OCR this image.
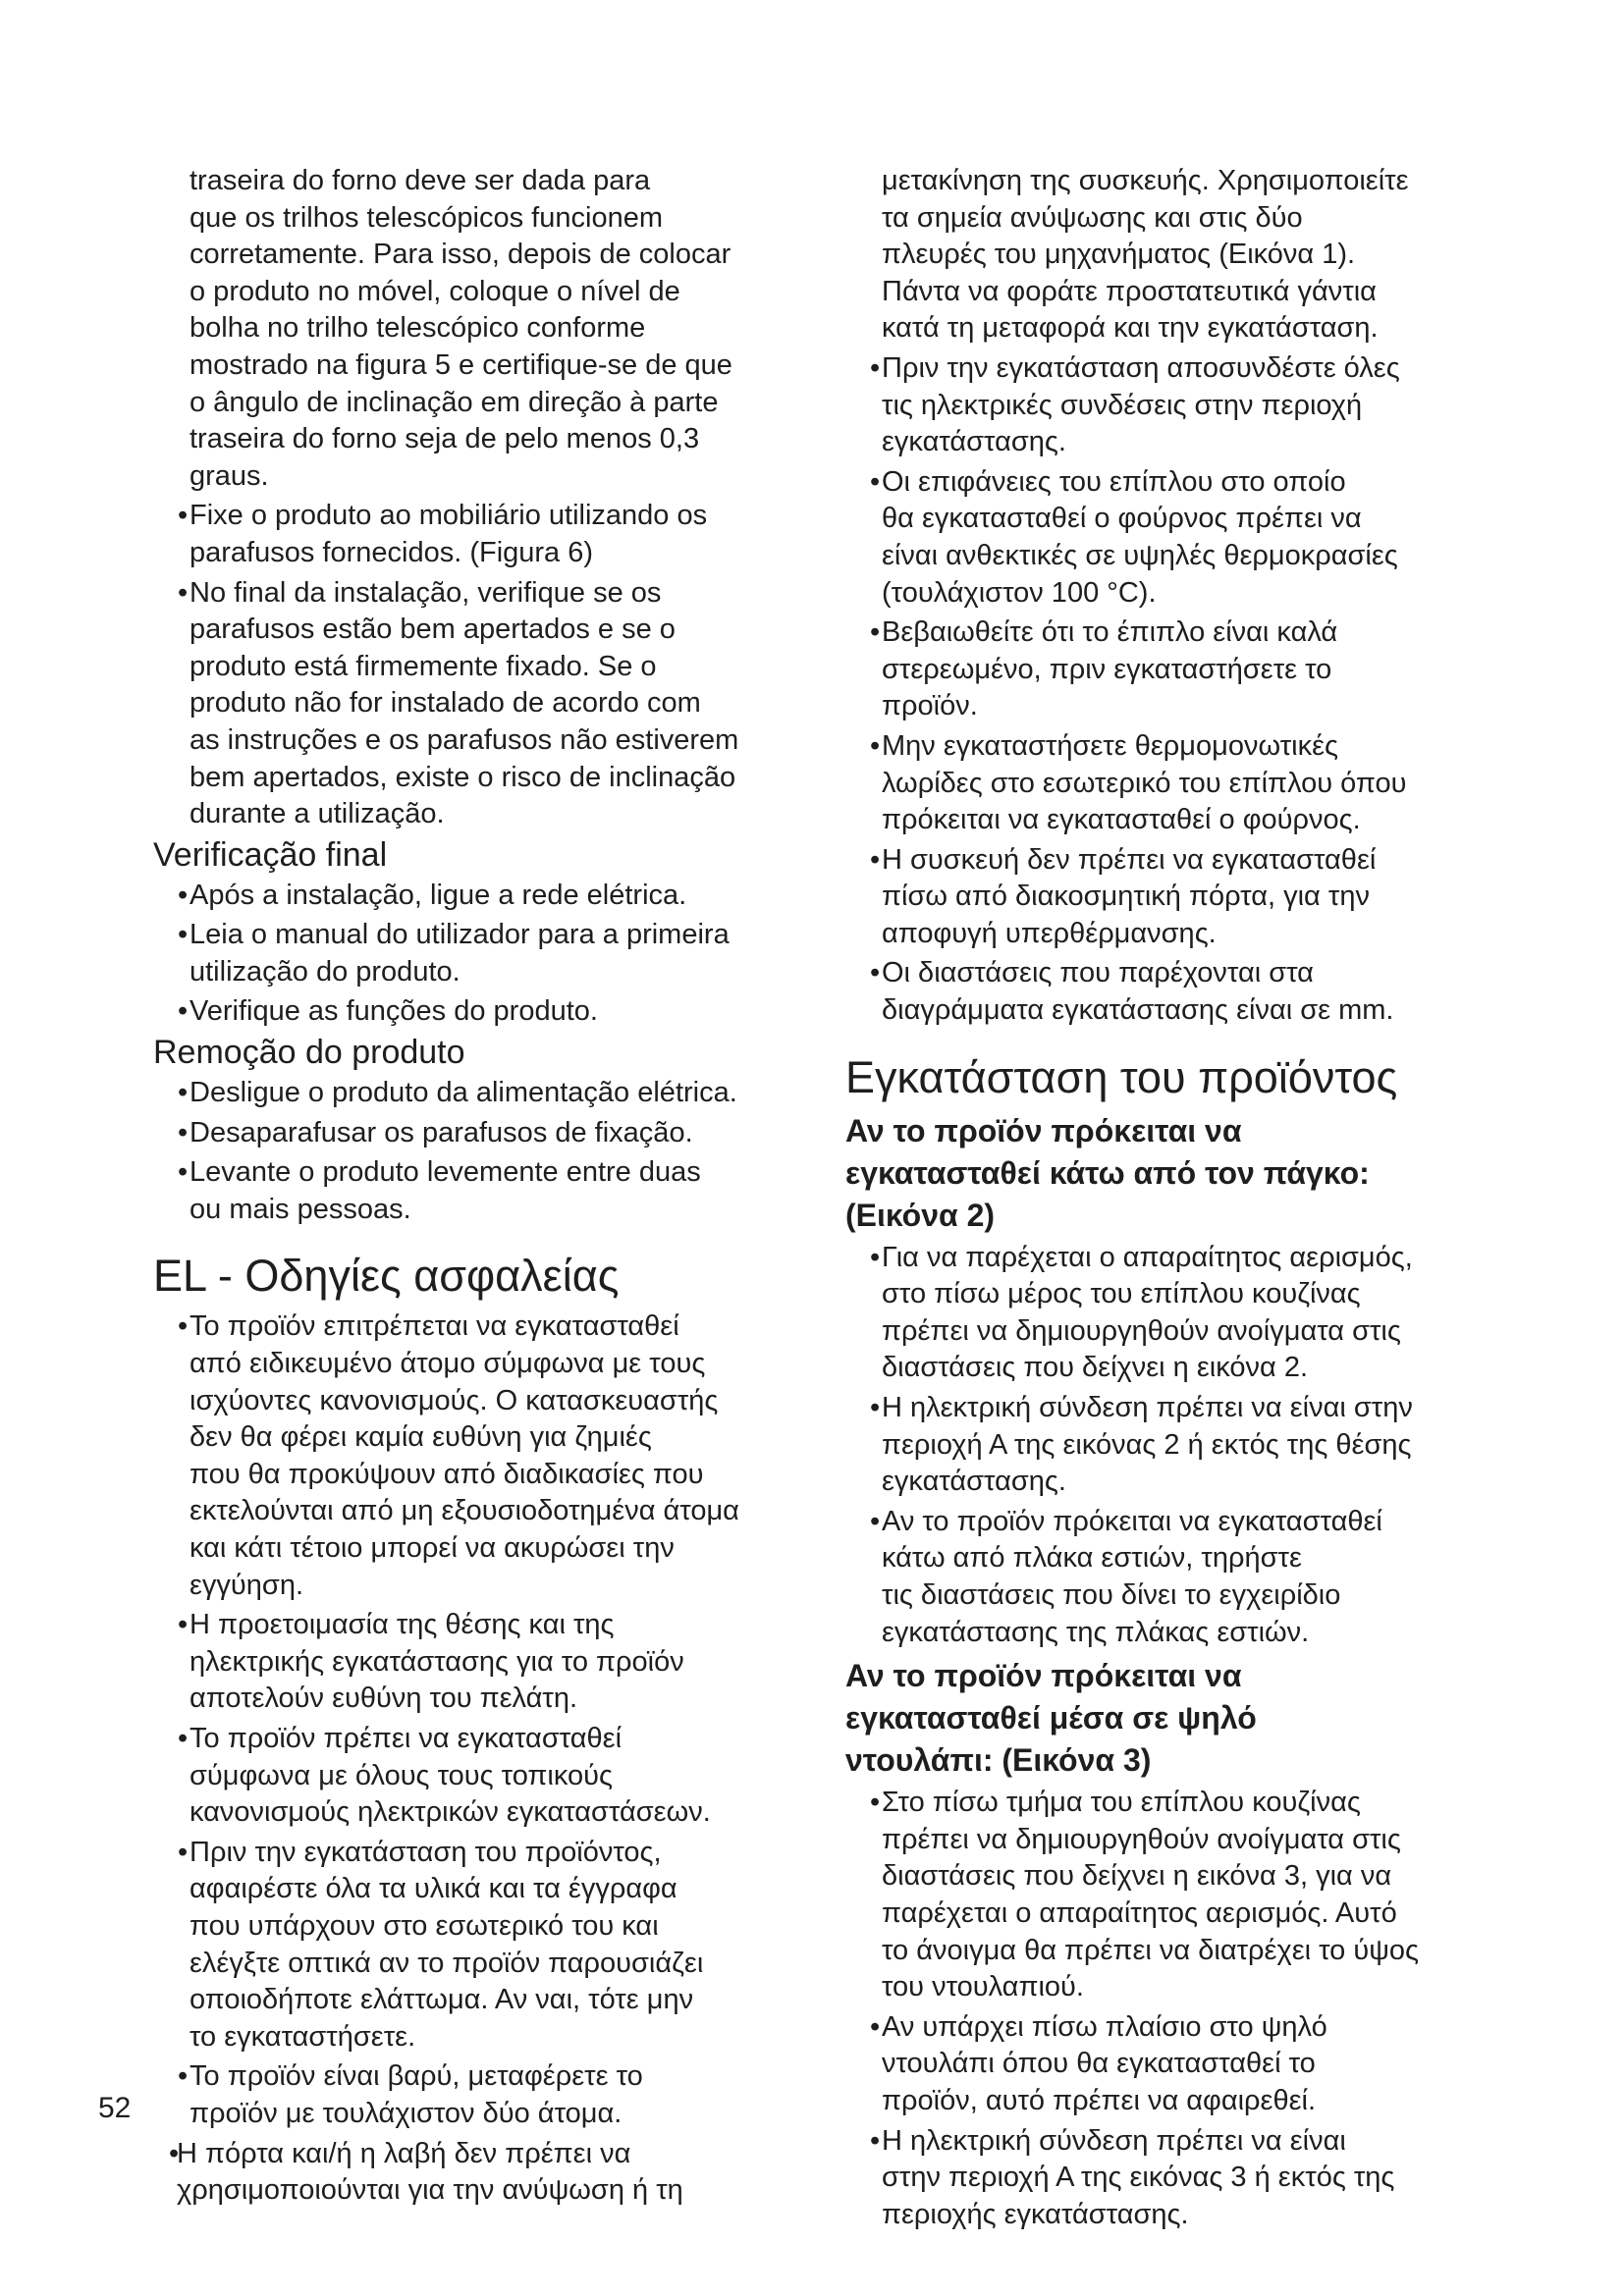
traseira do forno deve ser dada para
que os trilhos telescópicos funcionem
corretamente. Para isso, depois de colocar
o produto no móvel, coloque o nível de
bolha no trilho telescópico conforme
mostrado na figura 5 e certifique-se de que
o ângulo de inclinação em direção à parte
traseira do forno seja de pelo menos 0,3
graus.

• Fixe o produto ao mobiliário utilizando os
parafusos fornecidos. (Figura 6)

• No final da instalação, verifique se os
parafusos estão bem apertados e se o
produto está firmemente fixado. Se o
produto não for instalado de acordo com
as instruções e os parafusos não estiverem
bem apertados, existe o risco de inclinação
durante a utilização.

Verificação final

• Após a instalação, ligue a rede elétrica.

• Leia o manual do utilizador para a primeira
utilização do produto.

• Verifique as funções do produto.

Remoção do produto

• Desligue o produto da alimentação elétrica.

• Desaparafusar os parafusos de fixação.

• Levante o produto levemente entre duas
ou mais pessoas.

EL - Οδηγίες ασφαλείας

• Το προϊόν επιτρέπεται να εγκατασταθεί
από ειδικευμένο άτομο σύμφωνα με τους
ισχύοντες κανονισμούς. Ο κατασκευαστής
δεν θα φέρει καμία ευθύνη για ζημιές
που θα προκύψουν από διαδικασίες που
εκτελούνται από μη εξουσιοδοτημένα άτομα
και κάτι τέτοιο μπορεί να ακυρώσει την
εγγύηση.

• Η προετοιμασία της θέσης και της
ηλεκτρικής εγκατάστασης για το προϊόν
αποτελούν ευθύνη του πελάτη.

• Το προϊόν πρέπει να εγκατασταθεί
σύμφωνα με όλους τους τοπικούς
κανονισμούς ηλεκτρικών εγκαταστάσεων.

• Πριν την εγκατάσταση του προϊόντος,
αφαιρέστε όλα τα υλικά και τα έγγραφα
που υπάρχουν στο εσωτερικό του και
ελέγξτε οπτικά αν το προϊόν παρουσιάζει
οποιοδήποτε ελάττωμα. Αν ναι, τότε μην
το εγκαταστήσετε.

• Το προϊόν είναι βαρύ, μεταφέρετε το
προϊόν με τουλάχιστον δύο άτομα.

• Η πόρτα και/ή η λαβή δεν πρέπει να
χρησιμοποιούνται για την ανύψωση ή τη

μετακίνηση της συσκευής. Χρησιμοποιείτε
τα σημεία ανύψωσης και στις δύο
πλευρές του μηχανήματος (Εικόνα 1).
Πάντα να φοράτε προστατευτικά γάντια
κατά τη μεταφορά και την εγκατάσταση.

• Πριν την εγκατάσταση αποσυνδέστε όλες
τις ηλεκτρικές συνδέσεις στην περιοχή
εγκατάστασης.

• Οι επιφάνειες του επίπλου στο οποίο
θα εγκατασταθεί ο φούρνος πρέπει να
είναι ανθεκτικές σε υψηλές θερμοκρασίες
(τουλάχιστον 100 °C).

• Βεβαιωθείτε ότι το έπιπλο είναι καλά
στερεωμένο, πριν εγκαταστήσετε το
προϊόν.

• Μην εγκαταστήσετε θερμομονωτικές
λωρίδες στο εσωτερικό του επίπλου όπου
πρόκειται να εγκατασταθεί ο φούρνος.

• Η συσκευή δεν πρέπει να εγκατασταθεί
πίσω από διακοσμητική πόρτα, για την
αποφυγή υπερθέρμανσης.

• Οι διαστάσεις που παρέχονται στα
διαγράμματα εγκατάστασης είναι σε mm.

Εγκατάσταση του προϊόντος
Αν το προϊόν πρόκειται να
εγκατασταθεί κάτω από τον πάγκο:
(Εικόνα 2)

• Για να παρέχεται ο απαραίτητος αερισμός,
στο πίσω μέρος του επίπλου κουζίνας
πρέπει να δημιουργηθούν ανοίγματα στις
διαστάσεις που δείχνει η εικόνα 2.

• Η ηλεκτρική σύνδεση πρέπει να είναι στην
περιοχή Α της εικόνας 2 ή εκτός της θέσης
εγκατάστασης.

• Αν το προϊόν πρόκειται να εγκατασταθεί
κάτω από πλάκα εστιών, τηρήστε
τις διαστάσεις που δίνει το εγχειρίδιο
εγκατάστασης της πλάκας εστιών.

Αν το προϊόν πρόκειται να
εγκατασταθεί μέσα σε ψηλό
ντουλάπι: (Εικόνα 3)

• Στο πίσω τμήμα του επίπλου κουζίνας
πρέπει να δημιουργηθούν ανοίγματα στις
διαστάσεις που δείχνει η εικόνα 3, για να
παρέχεται ο απαραίτητος αερισμός. Αυτό
το άνοιγμα θα πρέπει να διατρέχει το ύψος
του ντουλαπιού.

• Αν υπάρχει πίσω πλαίσιο στο ψηλό
ντουλάπι όπου θα εγκατασταθεί το
προϊόν, αυτό πρέπει να αφαιρεθεί.

• Η ηλεκτρική σύνδεση πρέπει να είναι
στην περιοχή Α της εικόνας 3 ή εκτός της
περιοχής εγκατάστασης.

52
